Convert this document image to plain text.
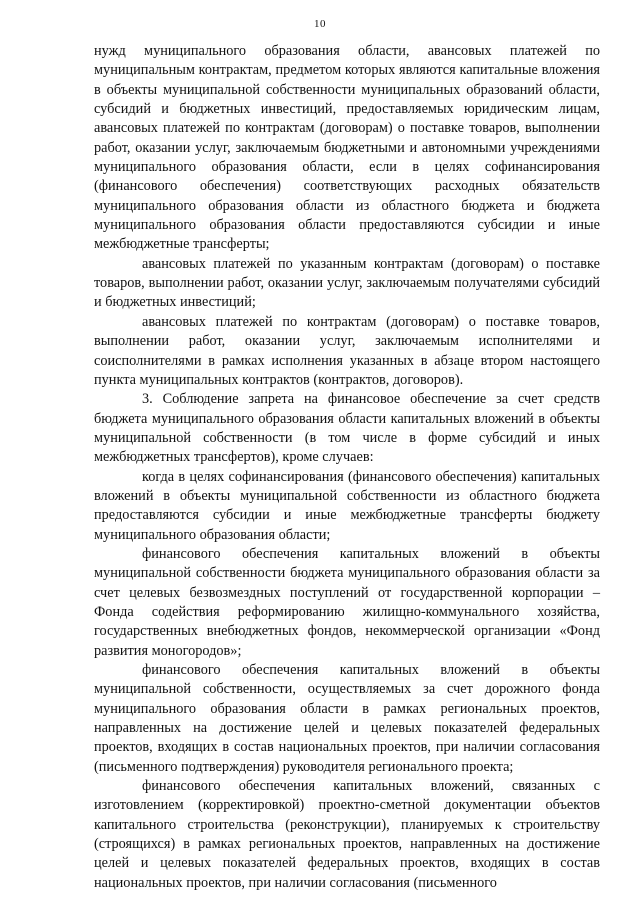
10

нужд муниципального образования области, авансовых платежей по муниципальным контрактам, предметом которых являются капитальные вложения в объекты муниципальной собственности муниципальных образований области, субсидий и бюджетных инвестиций, предоставляемых юридическим лицам, авансовых платежей по контрактам (договорам) о поставке товаров, выполнении работ, оказании услуг, заключаемым бюджетными и автономными учреждениями муниципального образования области, если в целях софинансирования (финансового обеспечения) соответствующих расходных обязательств муниципального образования области из областного бюджета и бюджета муниципального образования области предоставляются субсидии и иные межбюджетные трансферты;

авансовых платежей по указанным контрактам (договорам) о поставке товаров, выполнении работ, оказании услуг, заключаемым получателями субсидий и бюджетных инвестиций;

авансовых платежей по контрактам (договорам) о поставке товаров, выполнении работ, оказании услуг, заключаемым исполнителями и соисполнителями в рамках исполнения указанных в абзаце втором настоящего пункта муниципальных контрактов (контрактов, договоров).

3. Соблюдение запрета на финансовое обеспечение за счет средств бюджета муниципального образования области капитальных вложений в объекты муниципальной собственности (в том числе в форме субсидий и иных межбюджетных трансфертов), кроме случаев:

когда в целях софинансирования (финансового обеспечения) капитальных вложений в объекты муниципальной собственности из областного бюджета предоставляются субсидии и иные межбюджетные трансферты бюджету муниципального образования области;

финансового обеспечения капитальных вложений в объекты муниципальной собственности бюджета муниципального образования области за счет целевых безвозмездных поступлений от государственной корпорации – Фонда содействия реформированию жилищно-коммунального хозяйства, государственных внебюджетных фондов, некоммерческой организации «Фонд развития моногородов»;

финансового обеспечения капитальных вложений в объекты муниципальной собственности, осуществляемых за счет дорожного фонда муниципального образования области в рамках региональных проектов, направленных на достижение целей и целевых показателей федеральных проектов, входящих в состав национальных проектов, при наличии согласования (письменного подтверждения) руководителя регионального проекта;

финансового обеспечения капитальных вложений, связанных с изготовлением (корректировкой) проектно-сметной документации объектов капитального строительства (реконструкции), планируемых к строительству (строящихся) в рамках региональных проектов, направленных на достижение целей и целевых показателей федеральных проектов, входящих в состав национальных проектов, при наличии согласования (письменного
